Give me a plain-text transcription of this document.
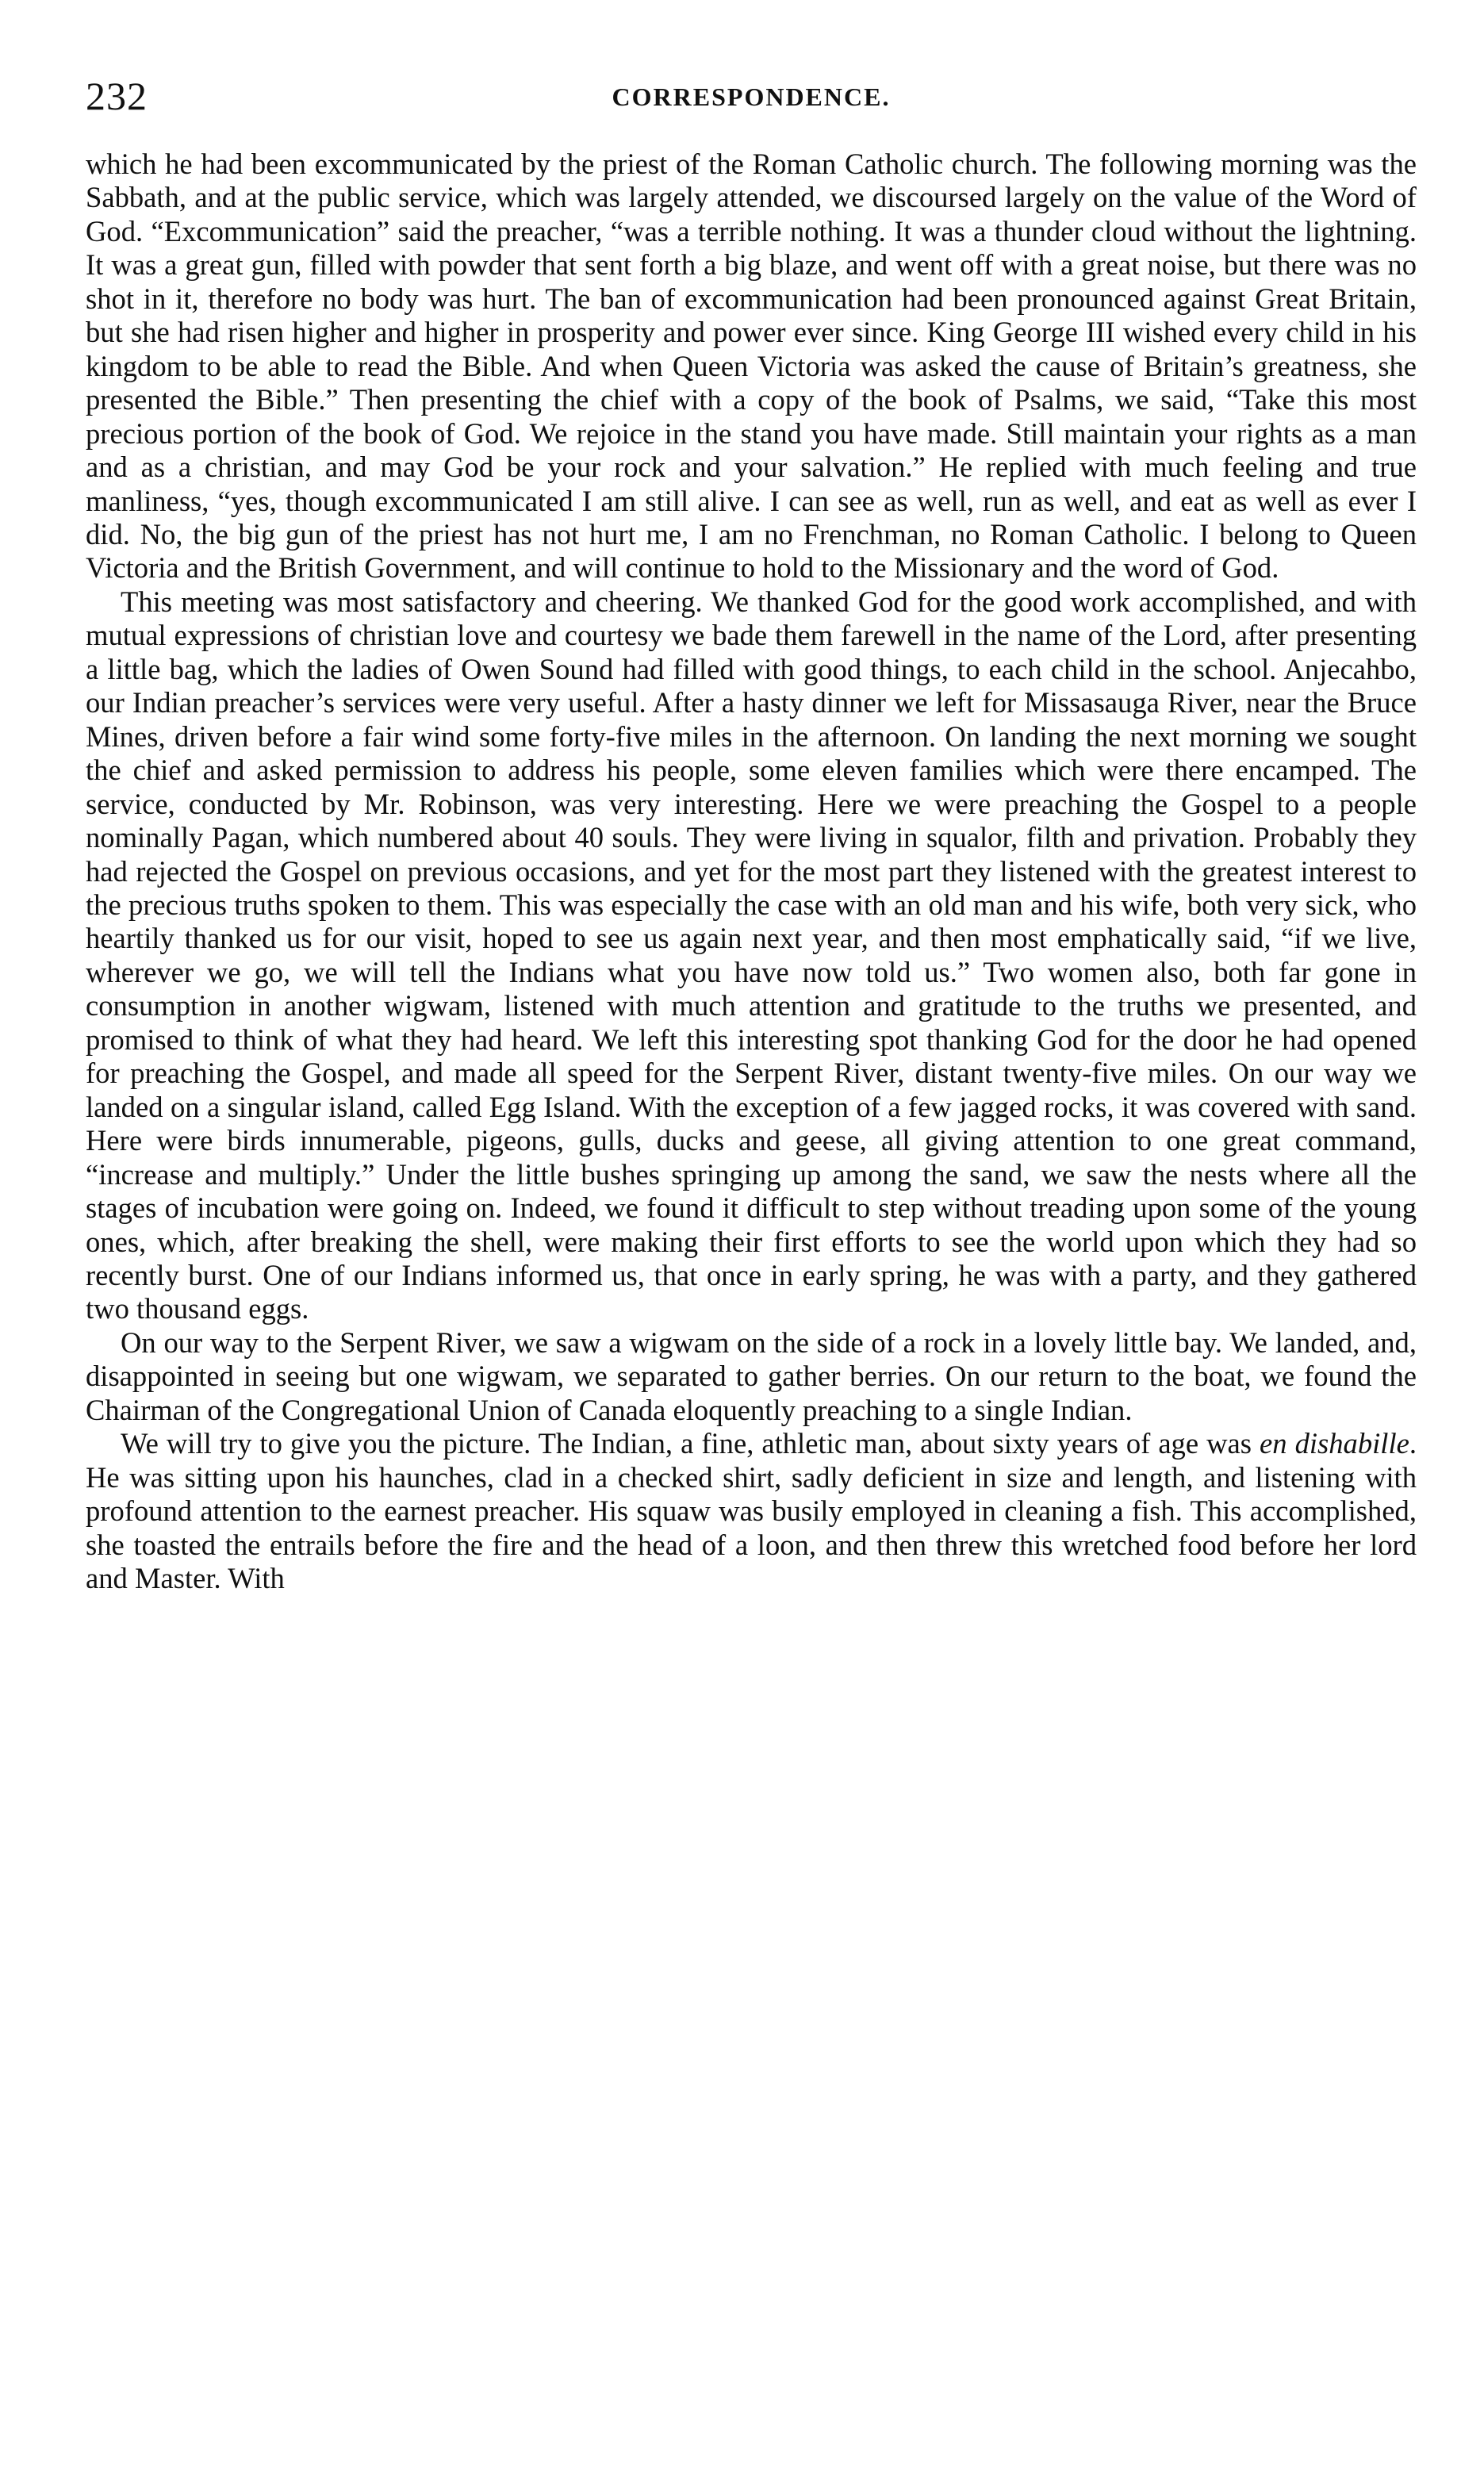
232	CORRESPONDENCE.

which he had been excommunicated by the priest of the Roman Catholic church. The following morning was the Sabbath, and at the public service, which was largely attended, we discoursed largely on the value of the Word of God. “Excommunication” said the preacher, “was a terrible nothing. It was a thunder cloud without the lightning. It was a great gun, filled with powder that sent forth a big blaze, and went off with a great noise, but there was no shot in it, therefore no body was hurt. The ban of excommunication had been pronounced against Great Britain, but she had risen higher and higher in prosperity and power ever since. King George III wished every child in his kingdom to be able to read the Bible. And when Queen Victoria was asked the cause of Britain’s greatness, she presented the Bible.” Then presenting the chief with a copy of the book of Psalms, we said, “Take this most precious portion of the book of God. We rejoice in the stand you have made. Still maintain your rights as a man and as a christian, and may God be your rock and your salvation.” He replied with much feeling and true manliness, “yes, though excommunicated I am still alive. I can see as well, run as well, and eat as well as ever I did. No, the big gun of the priest has not hurt me, I am no Frenchman, no Roman Catholic. I belong to Queen Victoria and the British Government, and will continue to hold to the Missionary and the word of God.

This meeting was most satisfactory and cheering. We thanked God for the good work accomplished, and with mutual expressions of christian love and courtesy we bade them farewell in the name of the Lord, after presenting a little bag, which the ladies of Owen Sound had filled with good things, to each child in the school. Anjecahbo, our Indian preacher’s services were very useful. After a hasty dinner we left for Missasauga River, near the Bruce Mines, driven before a fair wind some forty-five miles in the afternoon. On landing the next morning we sought the chief and asked permission to address his people, some eleven families which were there encamped. The service, conducted by Mr. Robinson, was very interesting. Here we were preaching the Gospel to a people nominally Pagan, which numbered about 40 souls. They were living in squalor, filth and privation. Probably they had rejected the Gospel on previous occasions, and yet for the most part they listened with the greatest interest to the precious truths spoken to them. This was especially the case with an old man and his wife, both very sick, who heartily thanked us for our visit, hoped to see us again next year, and then most emphatically said, “if we live, wherever we go, we will tell the Indians what you have now told us.” Two women also, both far gone in consumption in another wigwam, listened with much attention and gratitude to the truths we presented, and promised to think of what they had heard. We left this interesting spot thanking God for the door he had opened for preaching the Gospel, and made all speed for the Serpent River, distant twenty-five miles. On our way we landed on a singular island, called Egg Island. With the exception of a few jagged rocks, it was covered with sand. Here were birds innumerable, pigeons, gulls, ducks and geese, all giving attention to one great command, “increase and multiply.” Under the little bushes springing up among the sand, we saw the nests where all the stages of incubation were going on. Indeed, we found it difficult to step without treading upon some of the young ones, which, after breaking the shell, were making their first efforts to see the world upon which they had so recently burst. One of our Indians informed us, that once in early spring, he was with a party, and they gathered two thousand eggs.

On our way to the Serpent River, we saw a wigwam on the side of a rock in a lovely little bay. We landed, and, disappointed in seeing but one wigwam, we separated to gather berries. On our return to the boat, we found the Chairman of the Congregational Union of Canada eloquently preaching to a single Indian.

We will try to give you the picture. The Indian, a fine, athletic man, about sixty years of age was en dishabille. He was sitting upon his haunches, clad in a checked shirt, sadly deficient in size and length, and listening with profound attention to the earnest preacher. His squaw was busily employed in cleaning a fish. This accomplished, she toasted the entrails before the fire and the head of a loon, and then threw this wretched food before her lord and Master. With
